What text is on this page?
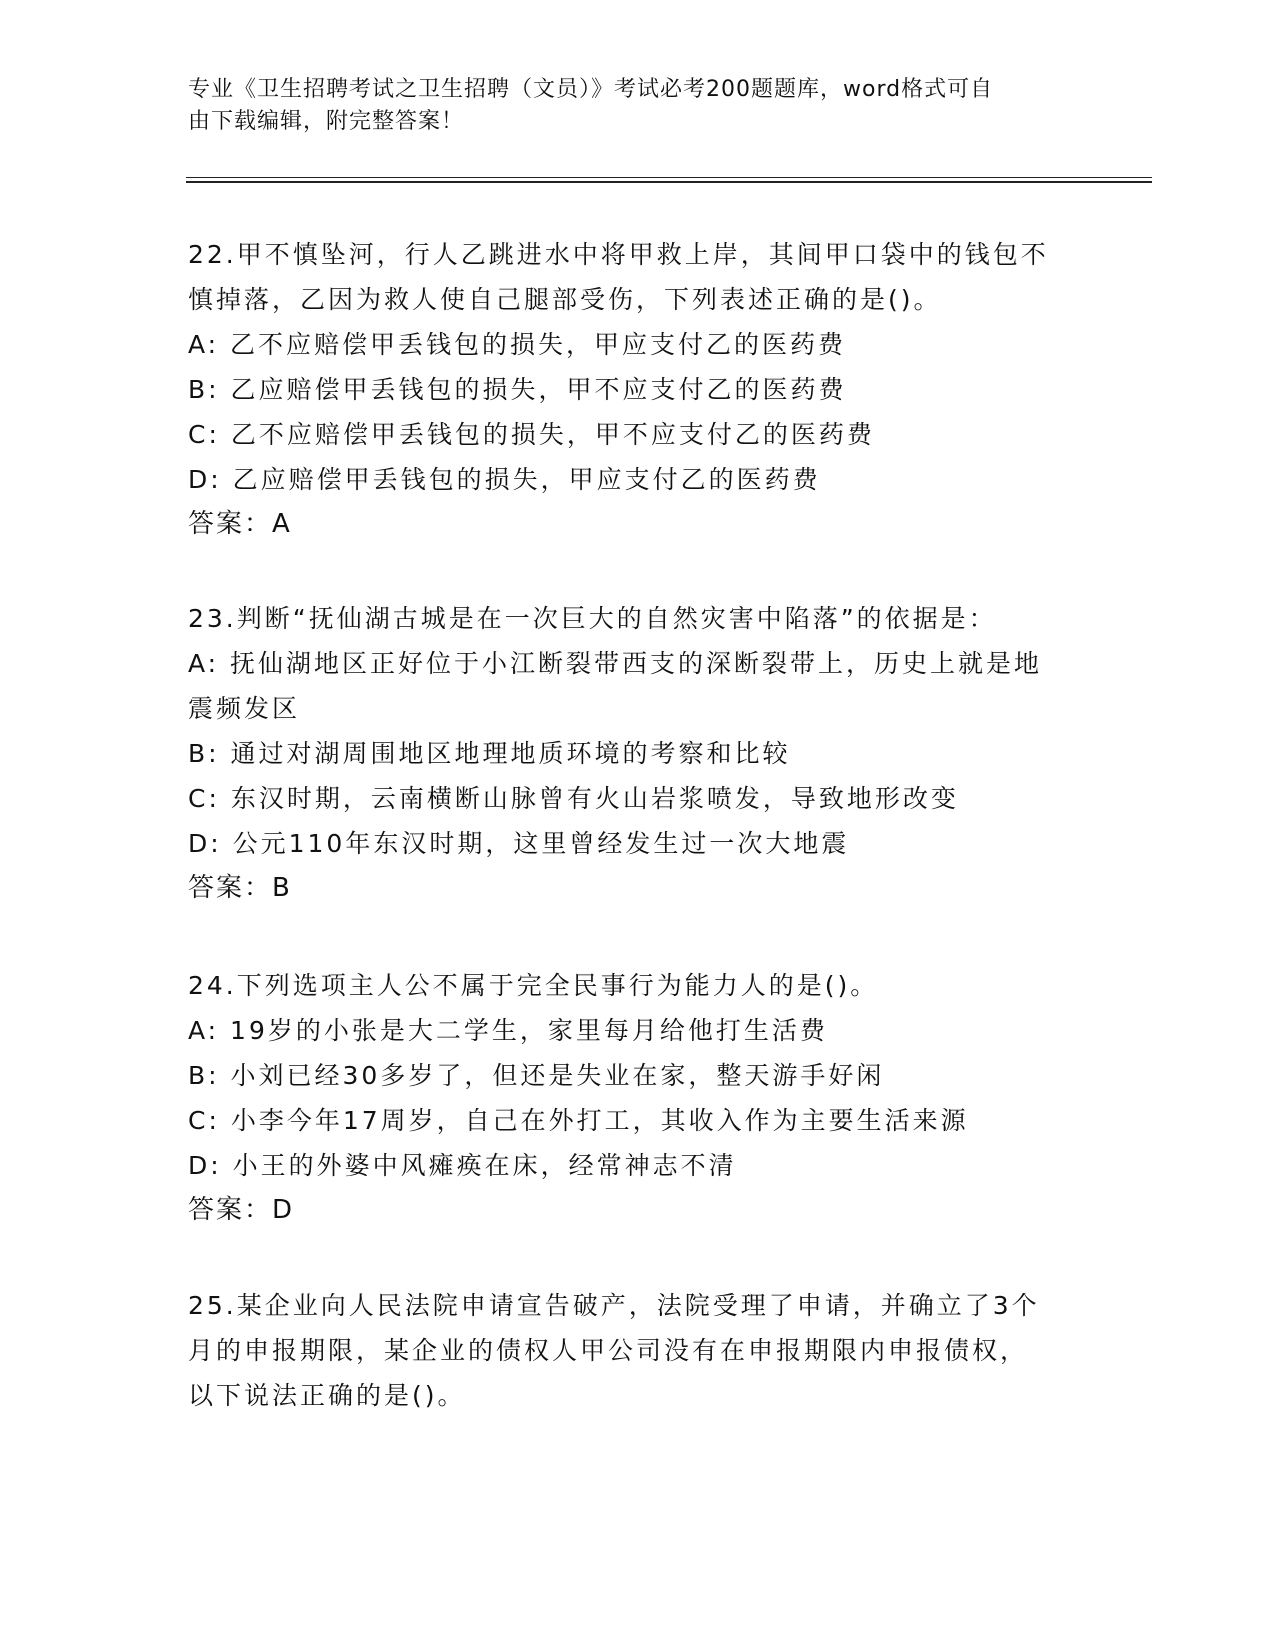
专业《卫生招聘考试之卫生招聘（文员）》考试必考200题题库，word格式可自
由下载编辑，附完整答案！
22.甲不慎坠河，行人乙跳进水中将甲救上岸，其间甲口袋中的钱包不
慎掉落，乙因为救人使自己腿部受伤，下列表述正确的是()。
A: 乙不应赔偿甲丢钱包的损失，甲应支付乙的医药费
B: 乙应赔偿甲丢钱包的损失，甲不应支付乙的医药费
C: 乙不应赔偿甲丢钱包的损失，甲不应支付乙的医药费
D: 乙应赔偿甲丢钱包的损失，甲应支付乙的医药费
答案：A
23.判断“抚仙湖古城是在一次巨大的自然灾害中陷落”的依据是：
A: 抚仙湖地区正好位于小江断裂带西支的深断裂带上，历史上就是地
震频发区
B: 通过对湖周围地区地理地质环境的考察和比较
C: 东汉时期，云南横断山脉曾有火山岩浆喷发，导致地形改变
D: 公元110年东汉时期，这里曾经发生过一次大地震
答案：B
24.下列选项主人公不属于完全民事行为能力人的是()。
A: 19岁的小张是大二学生，家里每月给他打生活费
B: 小刘已经30多岁了，但还是失业在家，整天游手好闲
C: 小李今年17周岁，自己在外打工，其收入作为主要生活来源
D: 小王的外婆中风瘫痪在床，经常神志不清
答案：D
25.某企业向人民法院申请宣告破产，法院受理了申请，并确立了3个
月的申报期限，某企业的债权人甲公司没有在申报期限内申报债权，
以下说法正确的是()。
